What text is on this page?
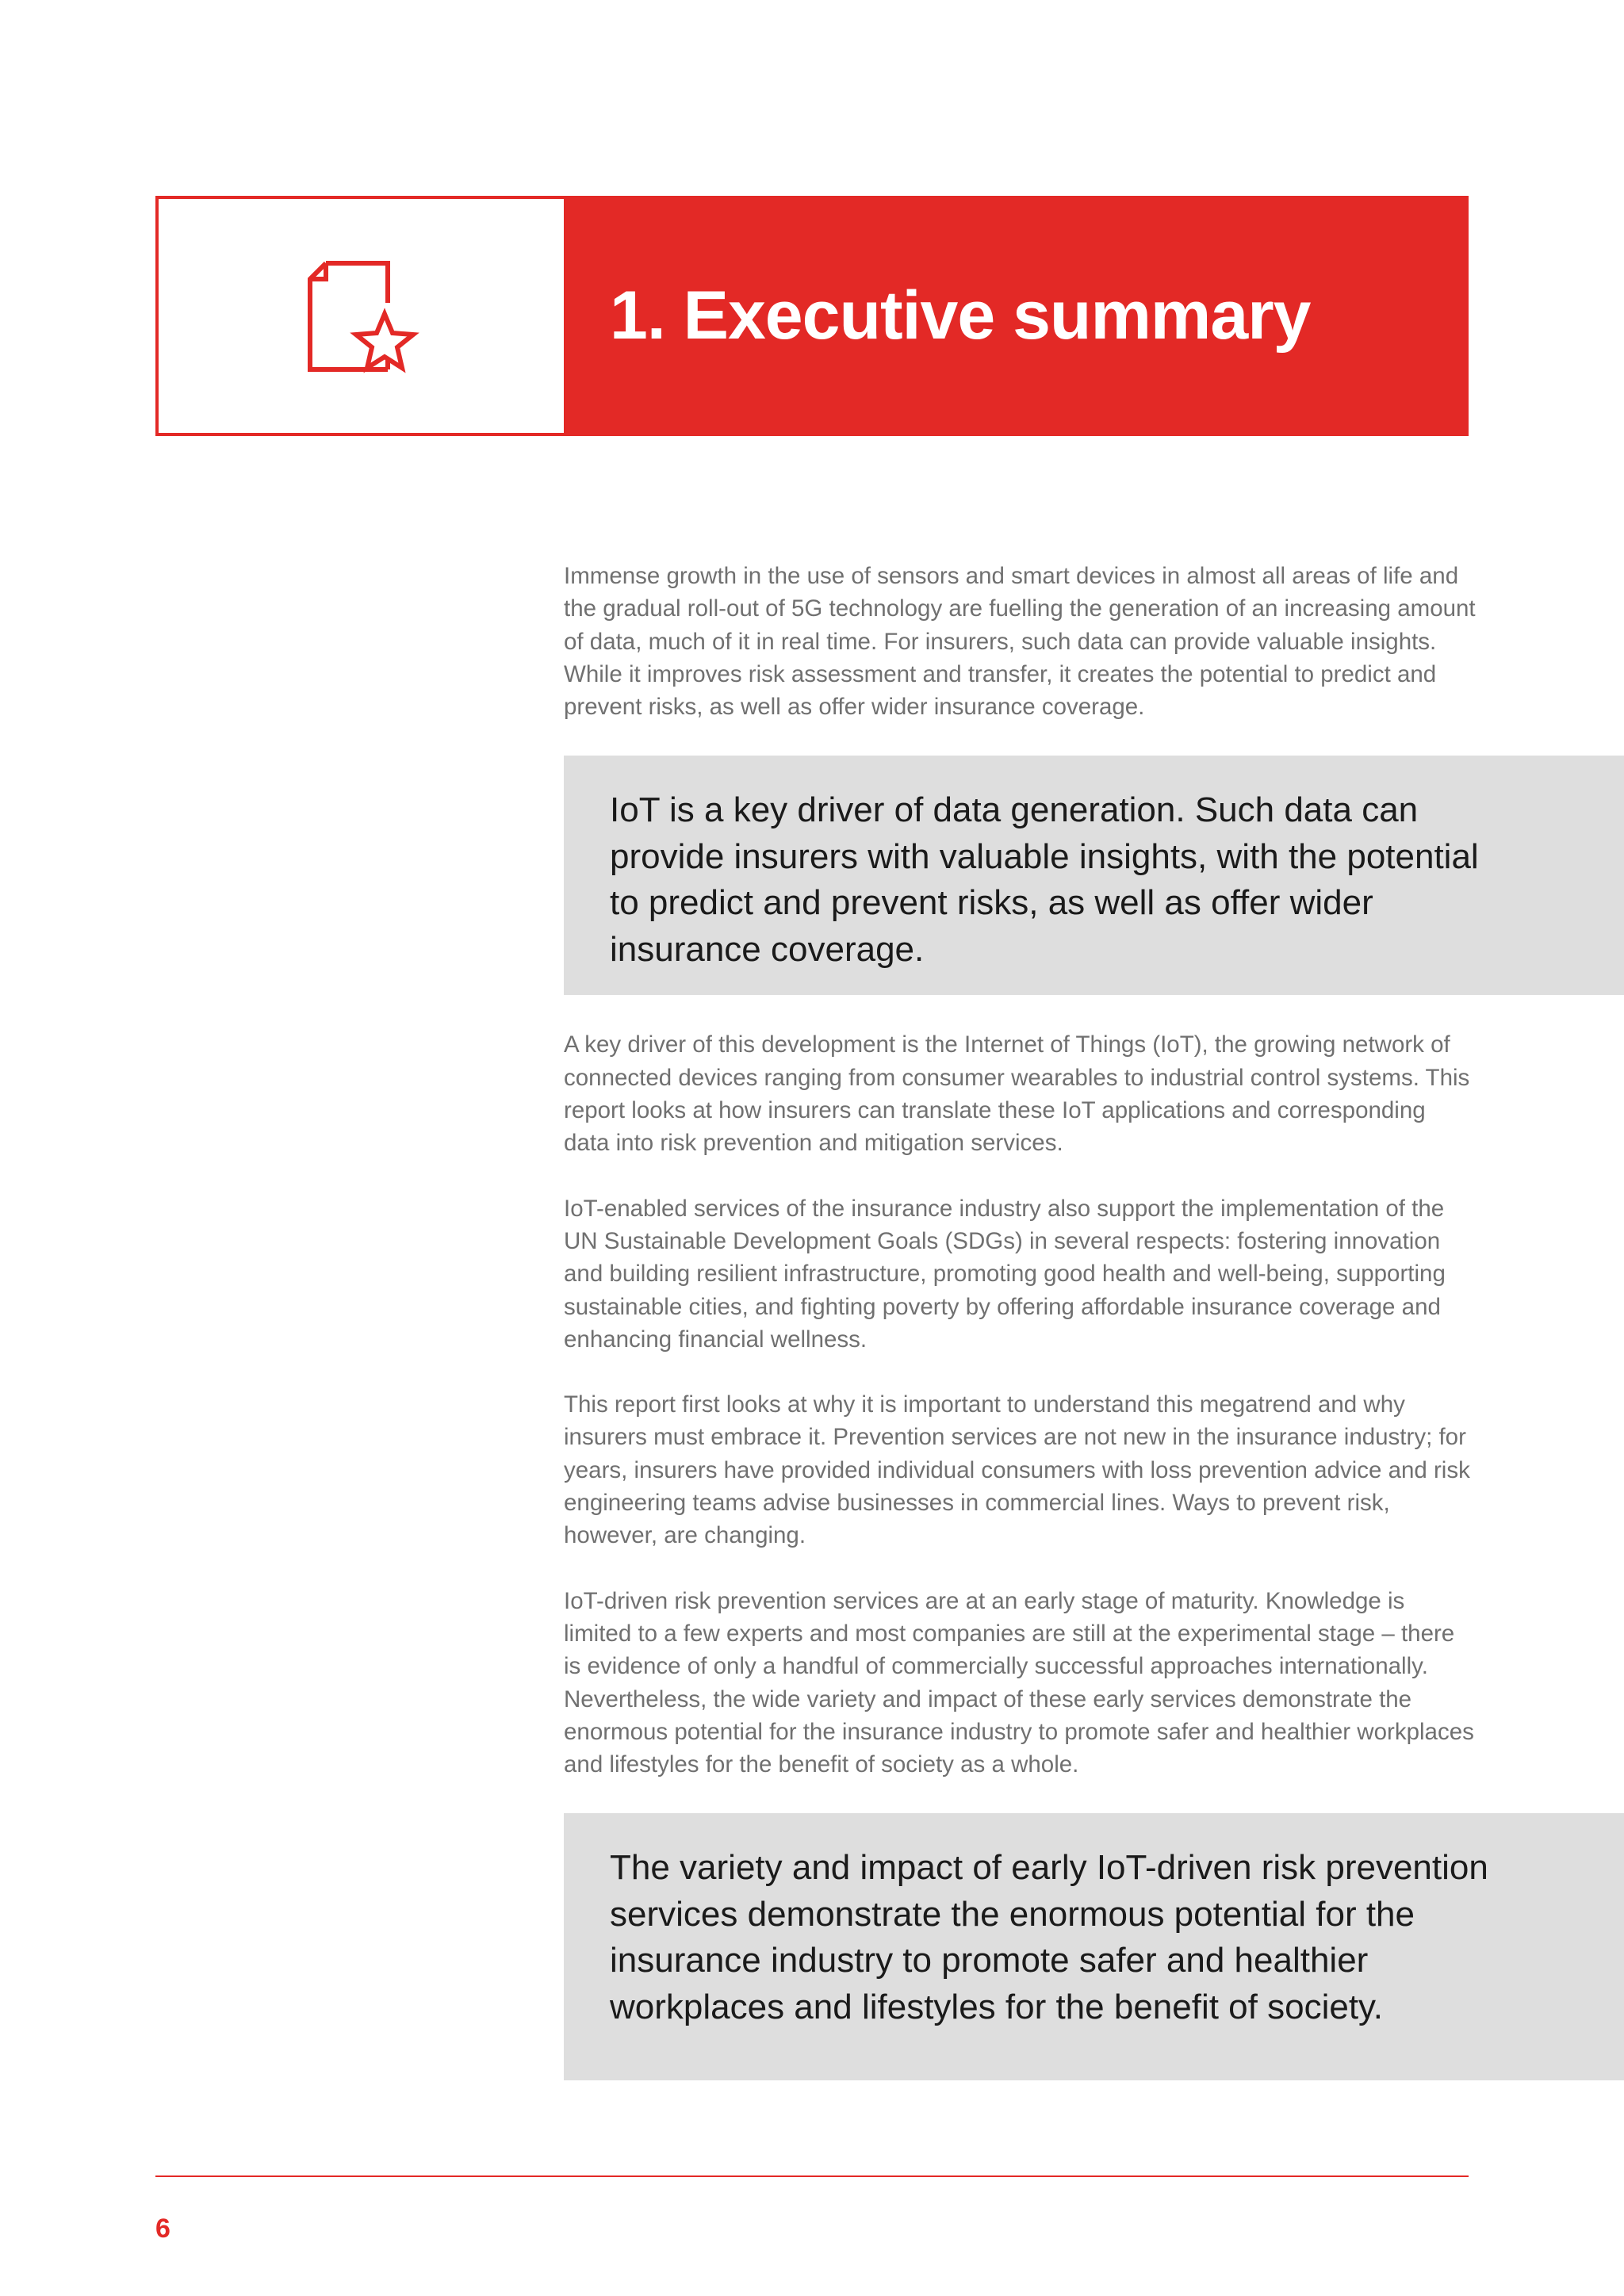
1. Executive summary

Immense growth in the use of sensors and smart devices in almost all areas of life and the gradual roll-out of 5G technology are fuelling the generation of an increasing amount of data, much of it in real time. For insurers, such data can provide valuable insights. While it improves risk assessment and transfer, it creates the potential to predict and prevent risks, as well as offer wider insurance coverage.

IoT is a key driver of data generation. Such data can provide insurers with valuable insights, with the potential to predict and prevent risks, as well as offer wider insurance coverage.

A key driver of this development is the Internet of Things (IoT), the growing network of connected devices ranging from consumer wearables to industrial control systems. This report looks at how insurers can translate these IoT applications and corresponding data into risk prevention and mitigation services.

IoT-enabled services of the insurance industry also support the implementation of the UN Sustainable Development Goals (SDGs) in several respects: fostering innovation and building resilient infrastructure, promoting good health and well-being, supporting sustainable cities, and fighting poverty by offering affordable insurance coverage and enhancing financial wellness.

This report first looks at why it is important to understand this megatrend and why insurers must embrace it. Prevention services are not new in the insurance industry; for years, insurers have provided individual consumers with loss prevention advice and risk engineering teams advise businesses in commercial lines. Ways to prevent risk, however, are changing.

IoT-driven risk prevention services are at an early stage of maturity. Knowledge is limited to a few experts and most companies are still at the experimental stage – there is evidence of only a handful of commercially successful approaches internationally. Nevertheless, the wide variety and impact of these early services demonstrate the enormous potential for the insurance industry to promote safer and healthier workplaces and lifestyles for the benefit of society as a whole.

The variety and impact of early IoT-driven risk prevention services demonstrate the enormous potential for the insurance industry to promote safer and healthier workplaces and lifestyles for the benefit of society.

6
